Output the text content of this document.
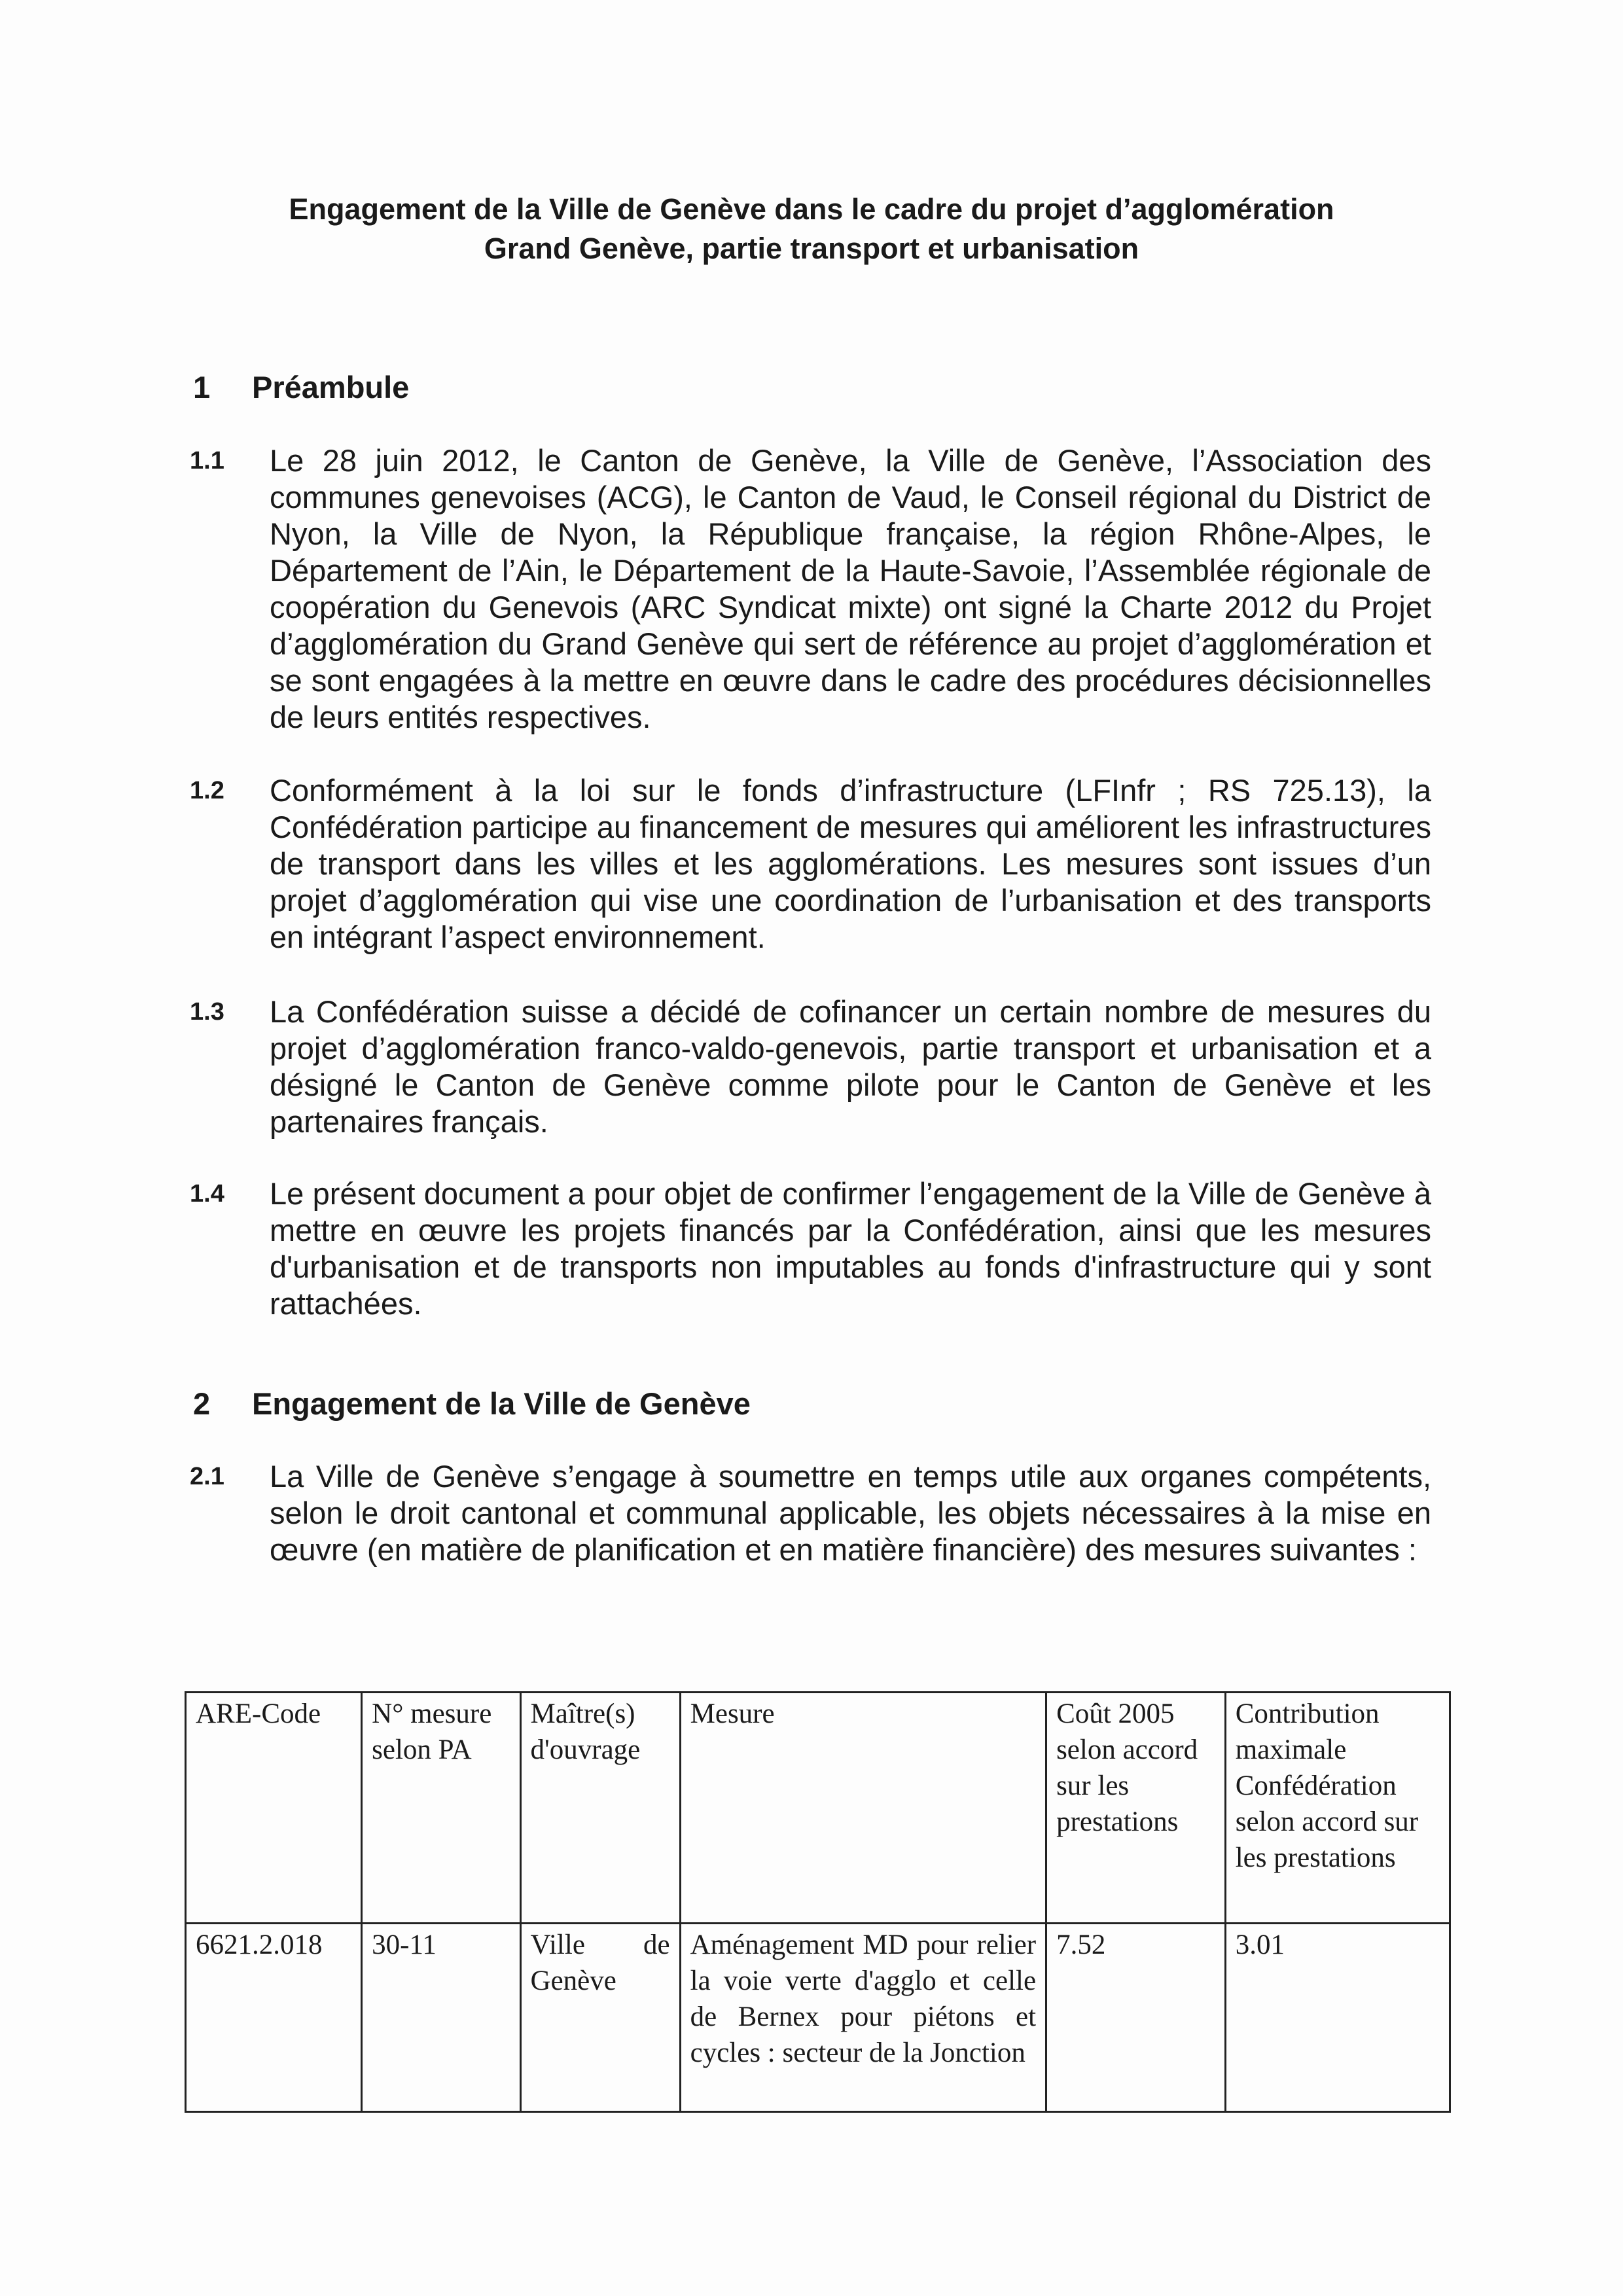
Engagement de la Ville de Genève dans le cadre du projet d’agglomération
Grand Genève, partie transport et urbanisation
1 Préambule
1.1 Le 28 juin 2012, le Canton de Genève, la Ville de Genève, l’Association des communes genevoises (ACG), le Canton de Vaud, le Conseil régional du District de Nyon, la Ville de Nyon, la République française, la région Rhône-Alpes, le Département de l’Ain, le Département de la Haute-Savoie, l’Assemblée régionale de coopération du Genevois (ARC Syndicat mixte) ont signé la Charte 2012 du Projet d’agglomération du Grand Genève qui sert de référence au projet d’agglomération et se sont engagées à la mettre en œuvre dans le cadre des procédures décisionnelles de leurs entités respectives.
1.2 Conformément à la loi sur le fonds d’infrastructure (LFInfr ; RS 725.13), la Confédération participe au financement de mesures qui améliorent les infrastructures de transport dans les villes et les agglomérations. Les mesures sont issues d’un projet d’agglomération qui vise une coordination de l’urbanisation et des transports en intégrant l’aspect environnement.
1.3 La Confédération suisse a décidé de cofinancer un certain nombre de mesures du projet d’agglomération franco-valdo-genevois, partie transport et urbanisation et a désigné le Canton de Genève comme pilote pour le Canton de Genève et les partenaires français.
1.4 Le présent document a pour objet de confirmer l’engagement de la Ville de Genève à mettre en œuvre les projets financés par la Confédération, ainsi que les mesures d'urbanisation et de transports non imputables au fonds d'infrastructure qui y sont rattachées.
2 Engagement de la Ville de Genève
2.1 La Ville de Genève s’engage à soumettre en temps utile aux organes compétents, selon le droit cantonal et communal applicable, les objets nécessaires à la mise en œuvre (en matière de planification et en matière financière) des mesures suivantes :
ARE-Code	N° mesure selon PA	Maître(s) d'ouvrage	Mesure	Coût 2005 selon accord sur les prestations	Contribution maximale Confédération selon accord sur les prestations
6621.2.018	30-11	Ville de Genève	Aménagement MD pour relier la voie verte d'agglo et celle de Bernex pour piétons et cycles : secteur de la Jonction	7.52	3.01
